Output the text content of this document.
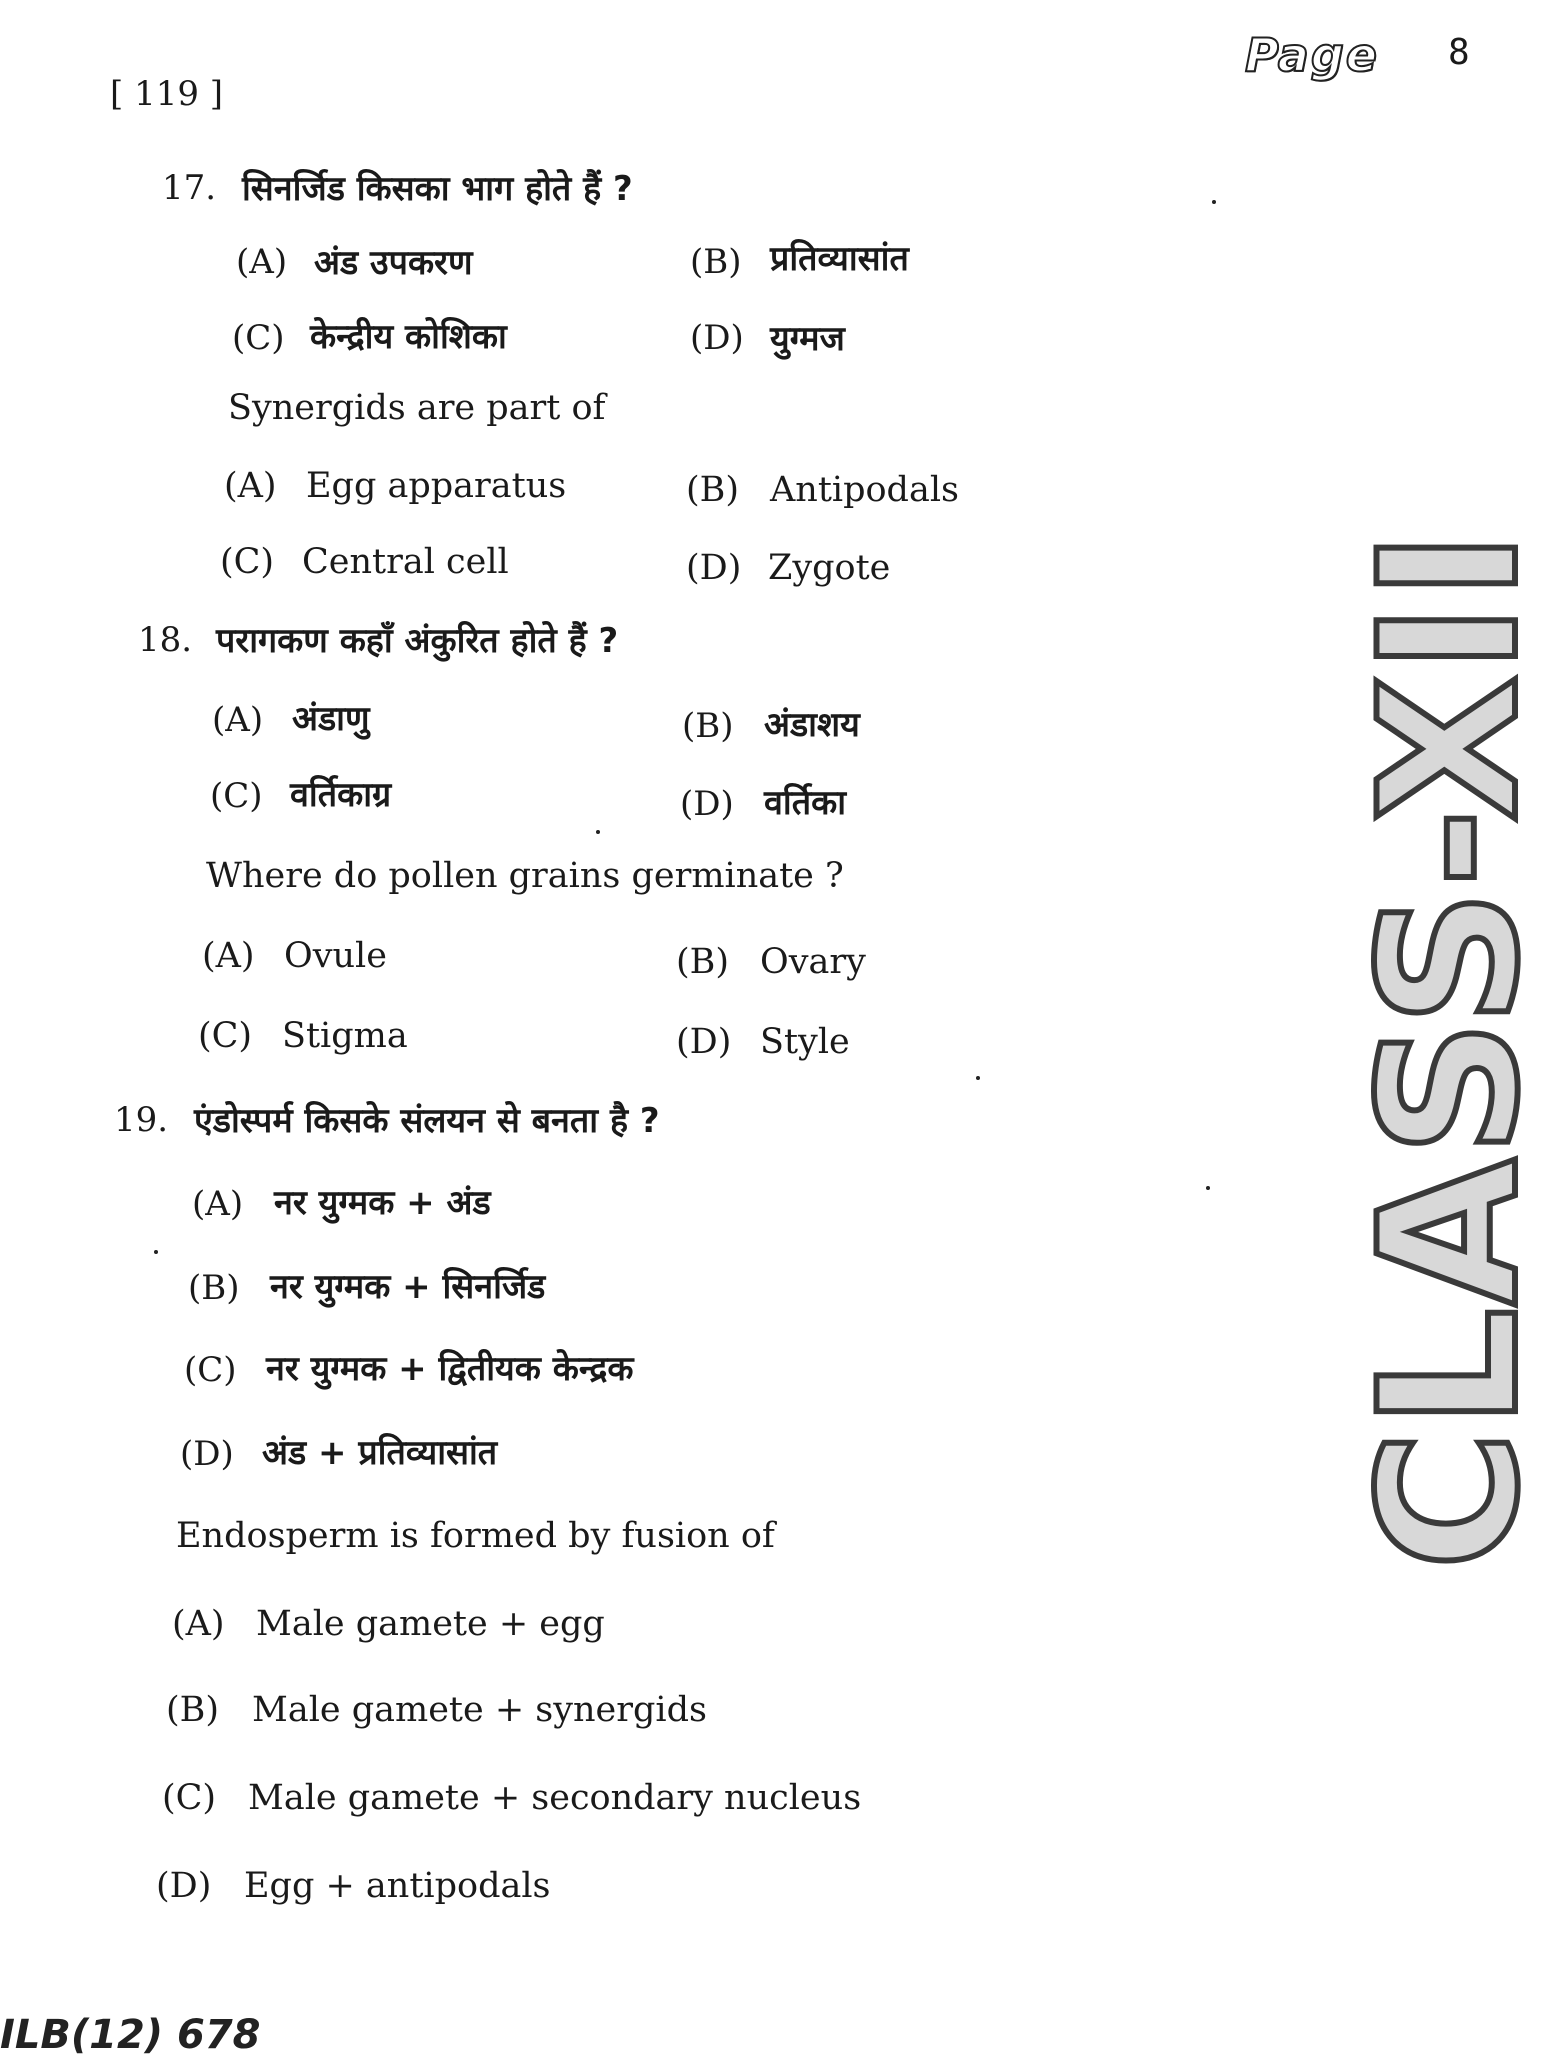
[ 119 ]
Page 8
CLASS-XII
17. सिनर्जिड किसका भाग होते हैं ?
(A) अंड उपकरण	(B) प्रतिव्यासांत
(C) केन्द्रीय कोशिका	(D) युग्मज
Synergids are part of
(A) Egg apparatus	(B) Antipodals
(C) Central cell	(D) Zygote
18. परागकण कहाँ अंकुरित होते हैं ?
(A) अंडाणु	(B) अंडाशय
(C) वर्तिकाग्र	(D) वर्तिका
Where do pollen grains germinate ?
(A) Ovule	(B) Ovary
(C) Stigma	(D) Style
19. एंडोस्पर्म किसके संलयन से बनता है ?
(A) नर युग्मक + अंड
(B) नर युग्मक + सिनर्जिड
(C) नर युग्मक + द्वितीयक केन्द्रक
(D) अंड + प्रतिव्यासांत
Endosperm is formed by fusion of
(A) Male gamete + egg
(B) Male gamete + synergids
(C) Male gamete + secondary nucleus
(D) Egg + antipodals
ILB(12) 678
